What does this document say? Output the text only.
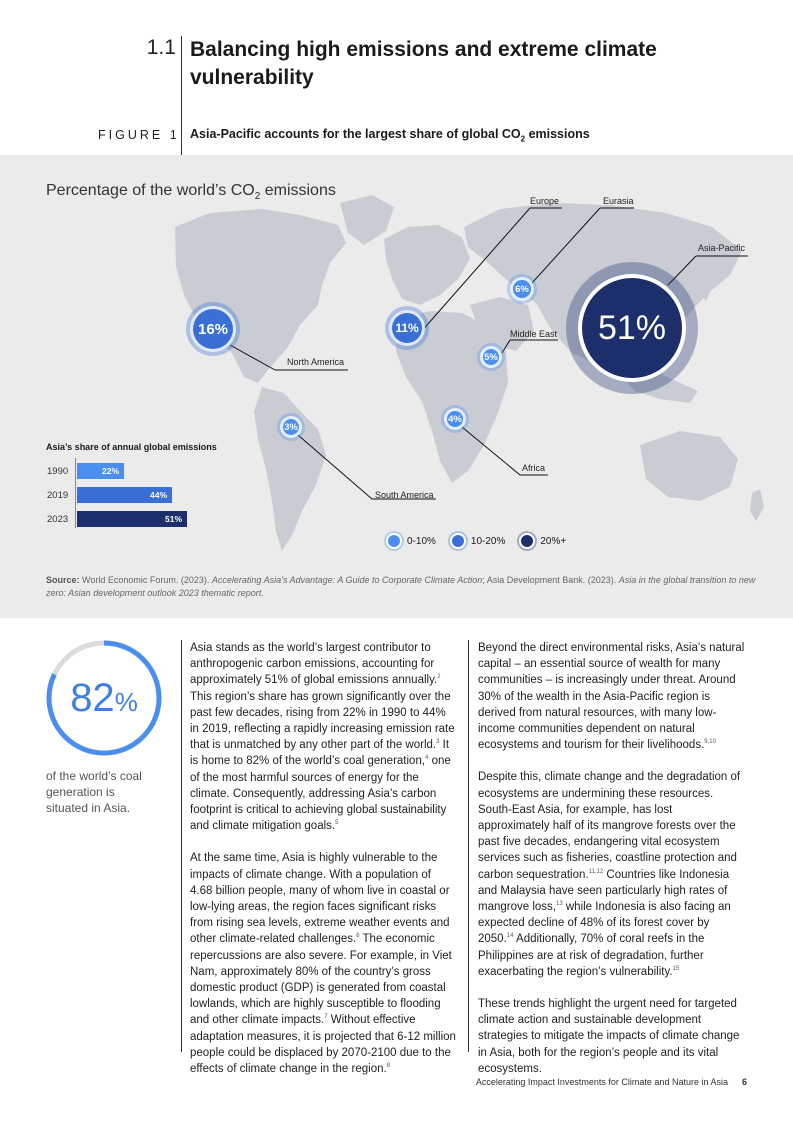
1.1 Balancing high emissions and extreme climate vulnerability
FIGURE 1 Asia-Pacific accounts for the largest share of global $CO_2$ emissions
Percentage of the world’s $CO_2$ emissions
North America
Europe	Eurasia
Asia-Pacific
Middle East
Africa
South America
16%	11%
6%
51%
5%
4%
3%
Asia’s share of annual global emissions
1990
2019
2023
22%
44%
51%
0-10%	10-20%	20%+
Source: World Economic Forum. (2023). Accelerating Asia’s Advantage: A Guide to Corporate Climate Action; Asia Development Bank. (2023). Asia in the global transition to new zero: Asian development outlook 2023 thematic report.
82%
of the world’s coal generation is situated in Asia.

Asia stands as the world’s largest contributor to anthropogenic carbon emissions, accounting for approximately 51% of global emissions annually.$^2$ This region’s share has grown significantly over the past few decades, rising from 22% in 1990 to 44% in 2019, reflecting a rapidly increasing emission rate that is unmatched by any other part of the world.$^3$ It is home to 82% of the world’s coal generation,$^4$ one of the most harmful sources of energy for the climate. Consequently, addressing Asia’s carbon footprint is critical to achieving global sustainability and climate mitigation goals.$^5$

At the same time, Asia is highly vulnerable to the impacts of climate change. With a population of 4.68 billion people, many of whom live in coastal or low-lying areas, the region faces significant risks from rising sea levels, extreme weather events and other climate-related challenges.$^6$ The economic repercussions are also severe. For example, in Viet Nam, approximately 80% of the country’s gross domestic product (GDP) is generated from coastal lowlands, which are highly susceptible to flooding and other climate impacts.$^7$ Without effective adaptation measures, it is projected that 6-12 million people could be displaced by 2070-2100 due to the effects of climate change in the region.$^8$

Beyond the direct environmental risks, Asia’s natural capital – an essential source of wealth for many communities – is increasingly under threat. Around 30% of the wealth in the Asia-Pacific region is derived from natural resources, with many low-income communities dependent on natural ecosystems and tourism for their livelihoods.$^{9,10}$

Despite this, climate change and the degradation of ecosystems are undermining these resources. South-East Asia, for example, has lost approximately half of its mangrove forests over the past five decades, endangering vital ecosystem services such as fisheries, coastline protection and carbon sequestration.$^{11,12}$ Countries like Indonesia and Malaysia have seen particularly high rates of mangrove loss,$^{13}$ while Indonesia is also facing an expected decline of 48% of its forest cover by 2050.14 Additionally, 70% of coral reefs in the Philippines are at risk of degradation, further exacerbating the region’s vulnerability.$^{15}$

These trends highlight the urgent need for targeted climate action and sustainable development strategies to mitigate the impacts of climate change in Asia, both for the region’s people and its vital ecosystems.

Accelerating Impact Investments for Climate and Nature in Asia 6
